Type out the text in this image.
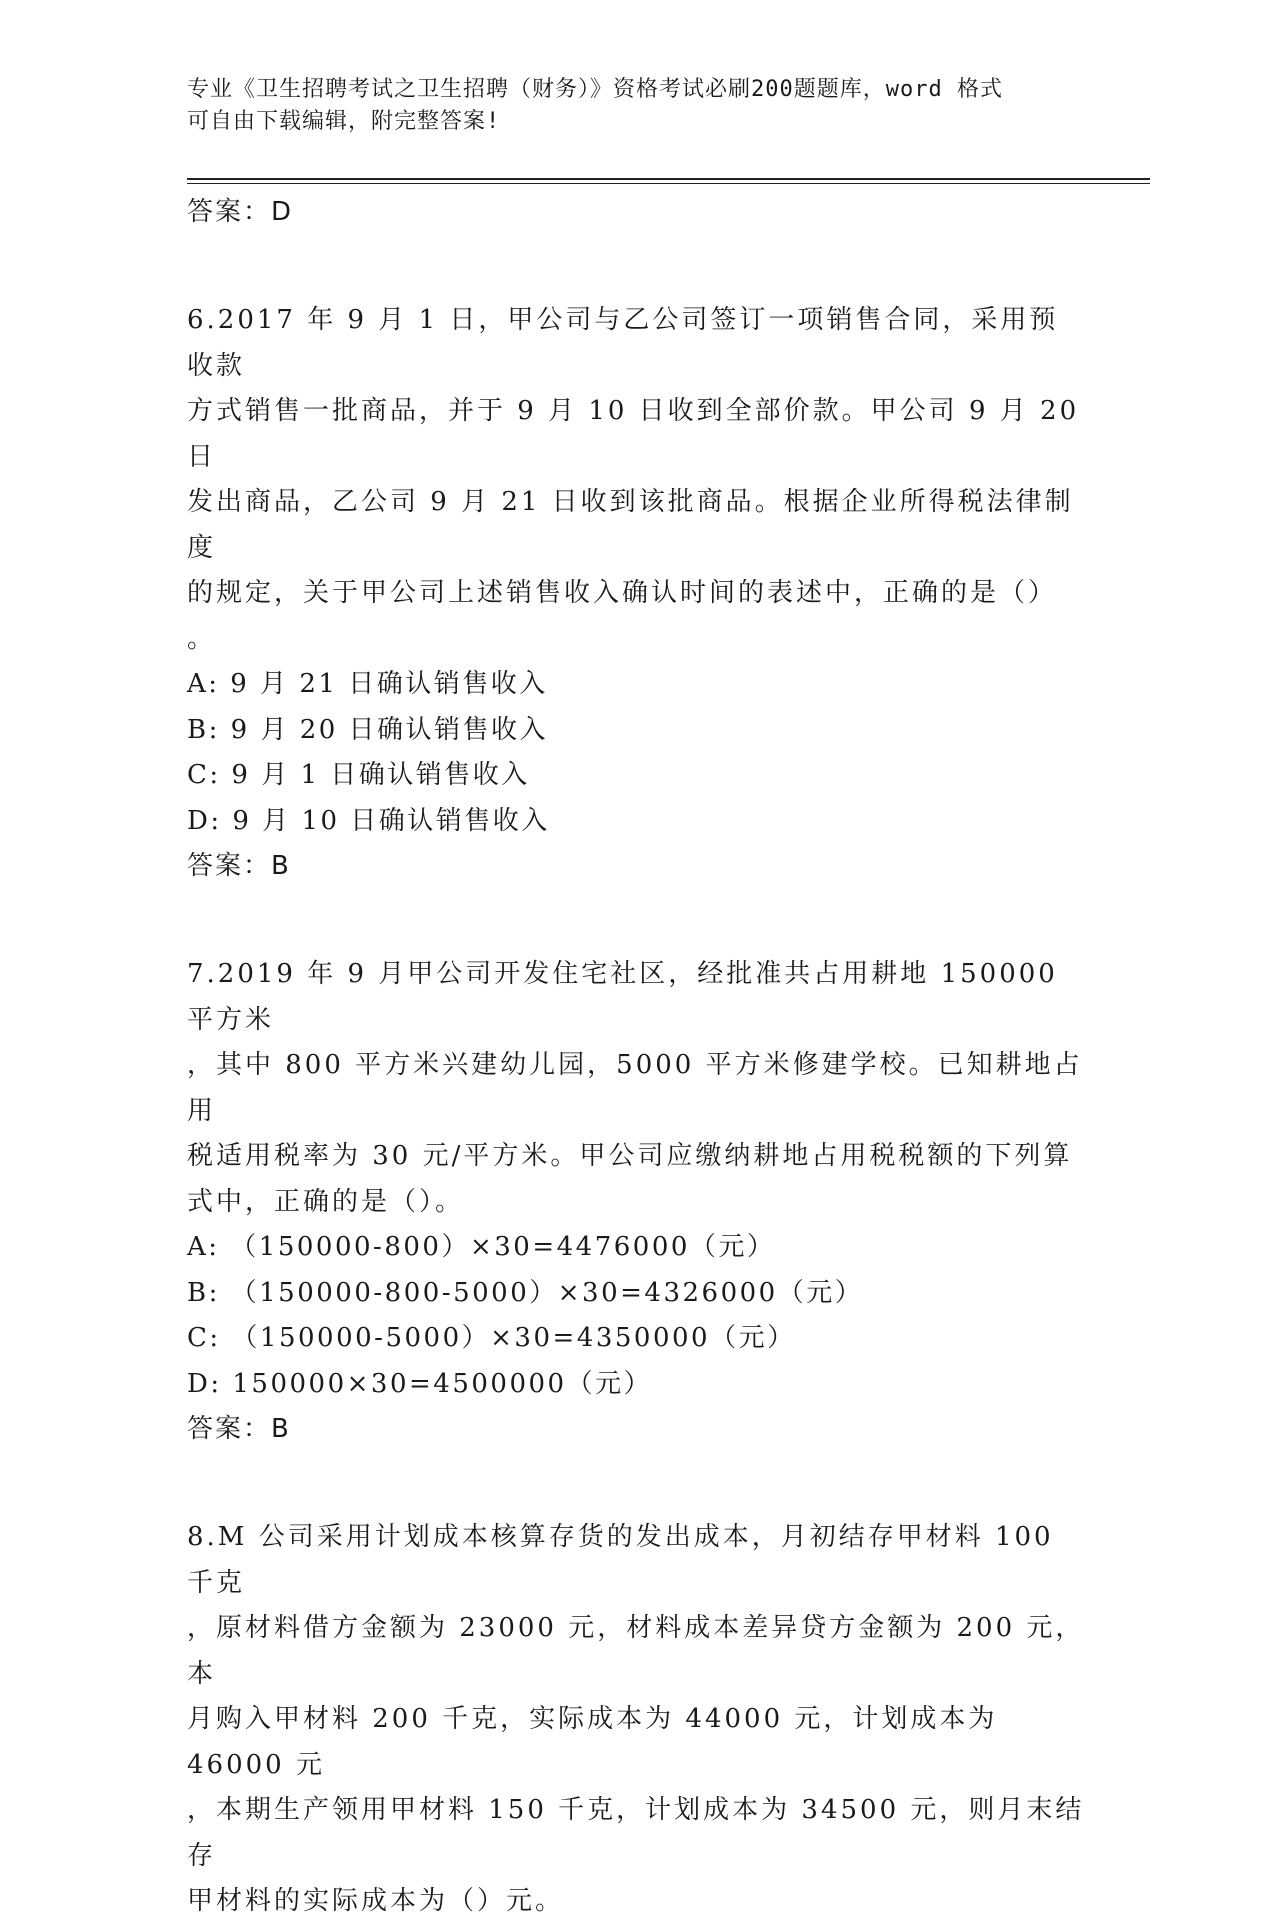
专业《卫生招聘考试之卫生招聘（财务）》资格考试必刷200题题库，word 格式
可自由下载编辑，附完整答案!
答案：D
6.2017 年 9 月 1 日，甲公司与乙公司签订一项销售合同，采用预收款
方式销售一批商品，并于 9 月 10 日收到全部价款。甲公司 9 月 20 日
发出商品，乙公司 9 月 21 日收到该批商品。根据企业所得税法律制度
的规定，关于甲公司上述销售收入确认时间的表述中，正确的是（）
。
A: 9 月 21 日确认销售收入
B: 9 月 20 日确认销售收入
C: 9 月 1 日确认销售收入
D: 9 月 10 日确认销售收入
答案：B
7.2019 年 9 月甲公司开发住宅社区，经批准共占用耕地 150000 平方米
，其中 800 平方米兴建幼儿园，5000 平方米修建学校。已知耕地占用
税适用税率为 30 元/平方米。甲公司应缴纳耕地占用税税额的下列算
式中，正确的是（）。
A: （150000-800）×30=4476000（元）
B: （150000-800-5000）×30=4326000（元）
C: （150000-5000）×30=4350000（元）
D: 150000×30=4500000（元）
答案：B
8.M 公司采用计划成本核算存货的发出成本，月初结存甲材料 100 千克
，原材料借方金额为 23000 元，材料成本差异贷方金额为 200 元，本
月购入甲材料 200 千克，实际成本为 44000 元，计划成本为 46000 元
，本期生产领用甲材料 150 千克，计划成本为 34500 元，则月末结存
甲材料的实际成本为（）元。
